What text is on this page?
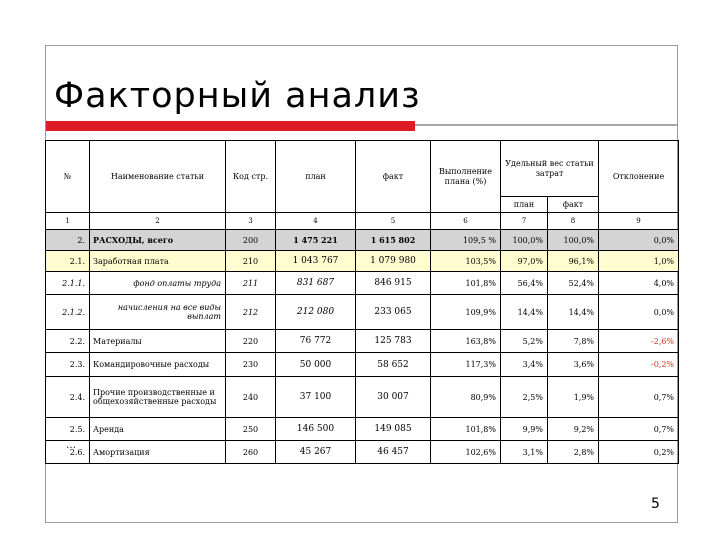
Факторный анализ
№	Наименование статьи	Код стр.	план	факт	Выполнение плана (%)	Удельный вес статьи затрат		Отклонение
						план	факт	
1	2	3	4	5	6	7	8	9
2.	РАСХОДЫ, всего	200	1 475 221	1 615 802	109,5 %	100,0%	100,0%	0,0%
2.1.	Заработная плата	210	1 043 767	1 079 980	103,5%	97,0%	96,1%	1,0%
2.1.1.	фонд оплаты труда	211	831 687	846 915	101,8%	56,4%	52,4%	4,0%
2.1.2.	начисления на все виды выплат	212	212 080	233 065	109,9%	14,4%	14,4%	0,0%
2.2.	Материалы	220	76 772	125 783	163,8%	5,2%	7,8%	-2,6%
2.3.	Командировочные расходы	230	50 000	58 652	117,3%	3,4%	3,6%	-0,2%
2.4.	Прочие производственные и общехозяйственные расходы	240	37 100	30 007	80,9%	2,5%	1,9%	0,7%
2.5.	Аренда	250	146 500	149 085	101,8%	9,9%	9,2%	0,7%
2.6.	Амортизация	260	45 267	46 457	102,6%	3,1%	2,8%	0,2%
…
5
